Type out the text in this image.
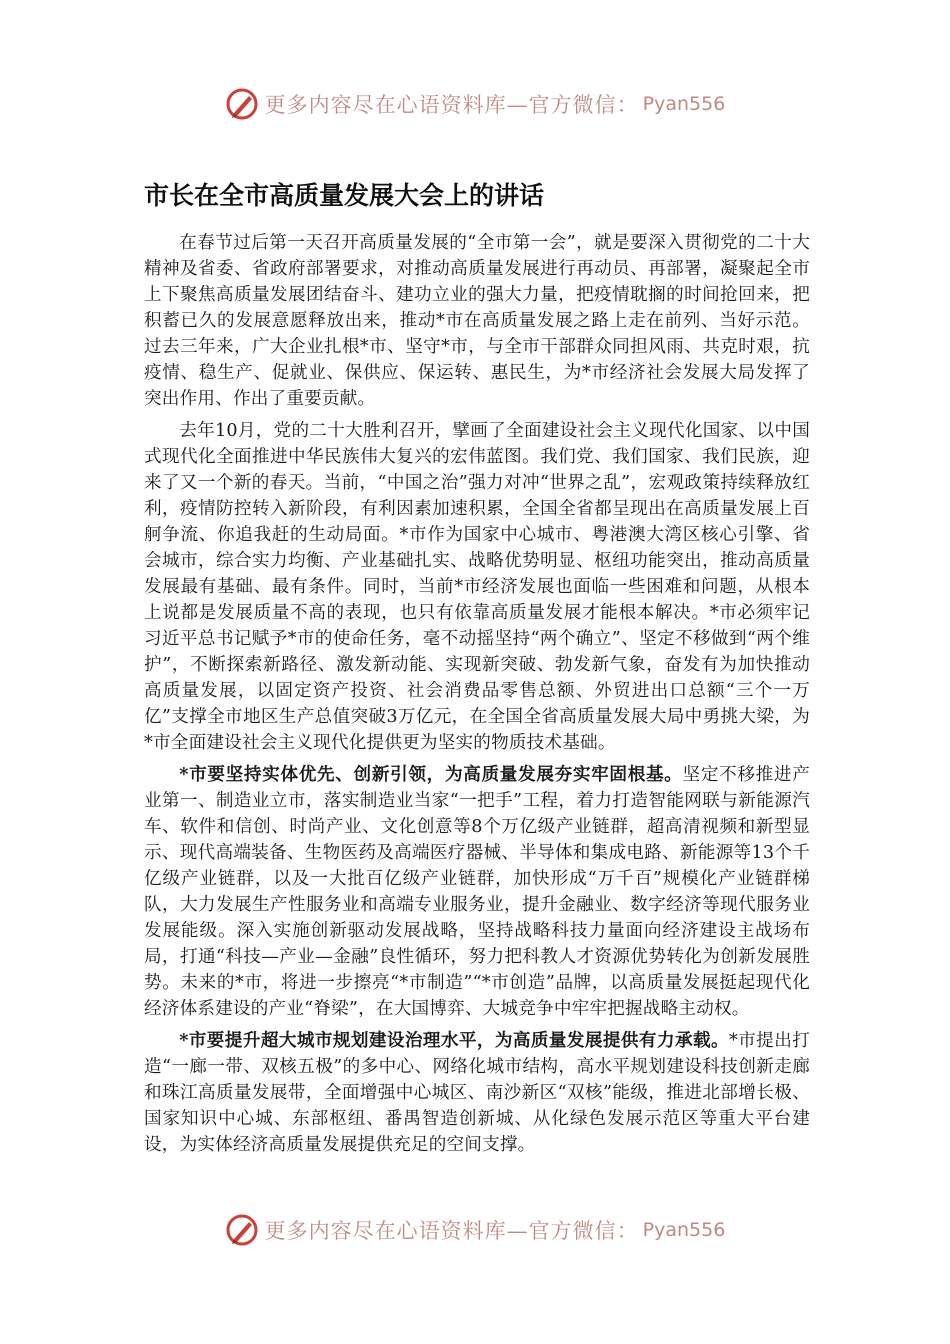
更多内容尽在心语资料库—官方微信： Pyan556
市长在全市高质量发展大会上的讲话

在春节过后第一天召开高质量发展的“全市第一会”，就是要深入贯彻党的二十大精神及省委、省政府部署要求，对推动高质量发展进行再动员、再部署，凝聚起全市上下聚焦高质量发展团结奋斗、建功立业的强大力量，把疫情耽搁的时间抢回来，把积蓄已久的发展意愿释放出来，推动*市在高质量发展之路上走在前列、当好示范。过去三年来，广大企业扎根*市、坚守*市，与全市干部群众同担风雨、共克时艰，抗疫情、稳生产、促就业、保供应、保运转、惠民生，为*市经济社会发展大局发挥了突出作用、作出了重要贡献。

去年10月，党的二十大胜利召开，擘画了全面建设社会主义现代化国家、以中国式现代化全面推进中华民族伟大复兴的宏伟蓝图。我们党、我们国家、我们民族，迎来了又一个新的春天。当前，“中国之治”强力对冲“世界之乱”，宏观政策持续释放红利，疫情防控转入新阶段，有利因素加速积累，全国全省都呈现出在高质量发展上百舸争流、你追我赶的生动局面。*市作为国家中心城市、粤港澳大湾区核心引擎、省会城市，综合实力均衡、产业基础扎实、战略优势明显、枢纽功能突出，推动高质量发展最有基础、最有条件。同时，当前*市经济发展也面临一些困难和问题，从根本上说都是发展质量不高的表现，也只有依靠高质量发展才能根本解决。*市必须牢记习近平总书记赋予*市的使命任务，毫不动摇坚持“两个确立”、坚定不移做到“两个维护”，不断探索新路径、激发新动能、实现新突破、勃发新气象，奋发有为加快推动高质量发展，以固定资产投资、社会消费品零售总额、外贸进出口总额“三个一万亿”支撑全市地区生产总值突破3万亿元，在全国全省高质量发展大局中勇挑大梁，为*市全面建设社会主义现代化提供更为坚实的物质技术基础。

*市要坚持实体优先、创新引领，为高质量发展夯实牢固根基。坚定不移推进产业第一、制造业立市，落实制造业当家“一把手”工程，着力打造智能网联与新能源汽车、软件和信创、时尚产业、文化创意等8个万亿级产业链群，超高清视频和新型显示、现代高端装备、生物医药及高端医疗器械、半导体和集成电路、新能源等13个千亿级产业链群，以及一大批百亿级产业链群，加快形成“万千百”规模化产业链群梯队，大力发展生产性服务业和高端专业服务业，提升金融业、数字经济等现代服务业发展能级。深入实施创新驱动发展战略，坚持战略科技力量面向经济建设主战场布局，打通“科技—产业—金融”良性循环，努力把科教人才资源优势转化为创新发展胜势。未来的*市，将进一步擦亮“*市制造”“*市创造”品牌，以高质量发展挺起现代化经济体系建设的产业“脊梁”，在大国博弈、大城竞争中牢牢把握战略主动权。

*市要提升超大城市规划建设治理水平，为高质量发展提供有力承载。*市提出打造“一廊一带、双核五极”的多中心、网络化城市结构，高水平规划建设科技创新走廊和珠江高质量发展带，全面增强中心城区、南沙新区“双核”能级，推进北部增长极、国家知识中心城、东部枢纽、番禺智造创新城、从化绿色发展示范区等重大平台建设，为实体经济高质量发展提供充足的空间支撑。

更多内容尽在心语资料库—官方微信： Pyan556
